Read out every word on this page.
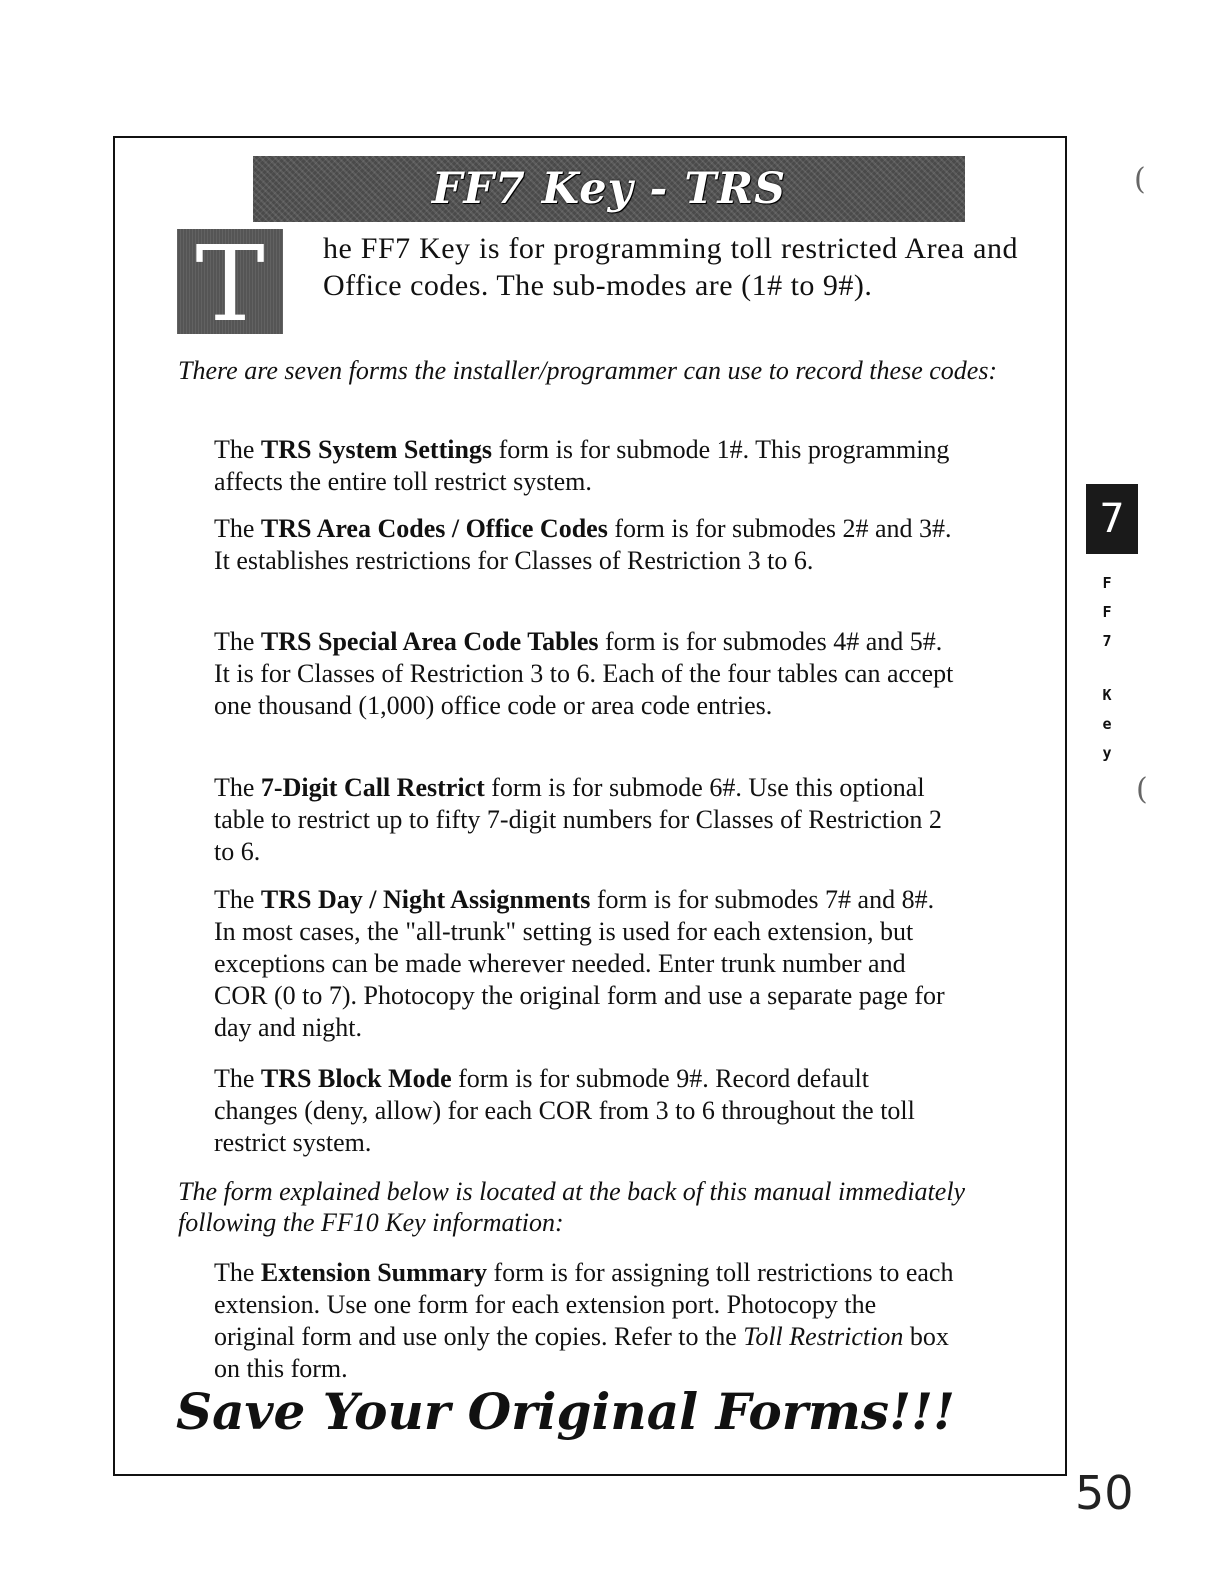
FF7 Key - TRS
T he FF7 Key is for programming toll restricted Area and Office codes. The sub-modes are (1# to 9#).
There are seven forms the installer/programmer can use to record these codes:
The TRS System Settings form is for submode 1#. This programming affects the entire toll restrict system.
The TRS Area Codes / Office Codes form is for submodes 2# and 3#. It establishes restrictions for Classes of Restriction 3 to 6.
The TRS Special Area Code Tables form is for submodes 4# and 5#. It is for Classes of Restriction 3 to 6. Each of the four tables can accept one thousand (1,000) office code or area code entries.
The 7-Digit Call Restrict form is for submode 6#. Use this optional table to restrict up to fifty 7-digit numbers for Classes of Restriction 2 to 6.
The TRS Day / Night Assignments form is for submodes 7# and 8#. In most cases, the "all-trunk" setting is used for each extension, but exceptions can be made wherever needed. Enter trunk number and COR (0 to 7). Photocopy the original form and use a separate page for day and night.
The TRS Block Mode form is for submode 9#. Record default changes (deny, allow) for each COR from 3 to 6 throughout the toll restrict system.
The form explained below is located at the back of this manual immediately following the FF10 Key information:
The Extension Summary form is for assigning toll restrictions to each extension. Use one form for each extension port. Photocopy the original form and use only the copies. Refer to the Toll Restriction box on this form.
Save Your Original Forms!!!
7
F
F
7
K
e
y
(
(
50
